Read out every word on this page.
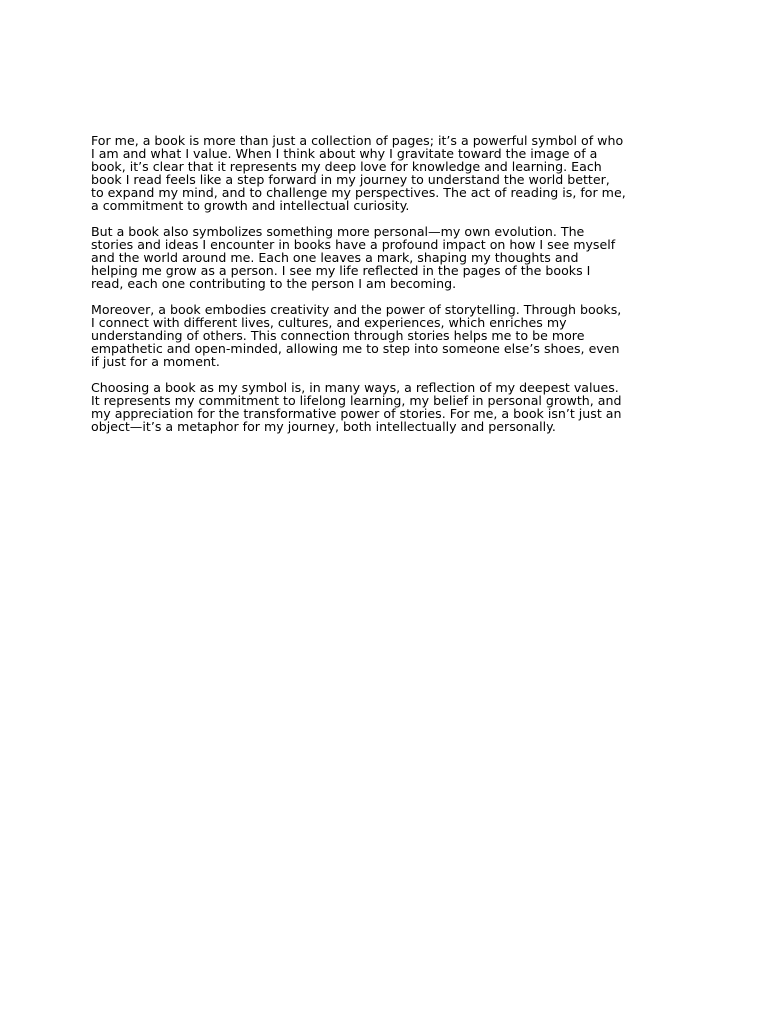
For me, a book is more than just a collection of pages; it’s a powerful symbol of who
I am and what I value. When I think about why I gravitate toward the image of a
book, it’s clear that it represents my deep love for knowledge and learning. Each
book I read feels like a step forward in my journey to understand the world better,
to expand my mind, and to challenge my perspectives. The act of reading is, for me,
a commitment to growth and intellectual curiosity.

But a book also symbolizes something more personal—my own evolution. The
stories and ideas I encounter in books have a profound impact on how I see myself
and the world around me. Each one leaves a mark, shaping my thoughts and
helping me grow as a person. I see my life reflected in the pages of the books I
read, each one contributing to the person I am becoming.

Moreover, a book embodies creativity and the power of storytelling. Through books,
I connect with different lives, cultures, and experiences, which enriches my
understanding of others. This connection through stories helps me to be more
empathetic and open-minded, allowing me to step into someone else’s shoes, even
if just for a moment.

Choosing a book as my symbol is, in many ways, a reflection of my deepest values.
It represents my commitment to lifelong learning, my belief in personal growth, and
my appreciation for the transformative power of stories. For me, a book isn’t just an
object—it’s a metaphor for my journey, both intellectually and personally.
